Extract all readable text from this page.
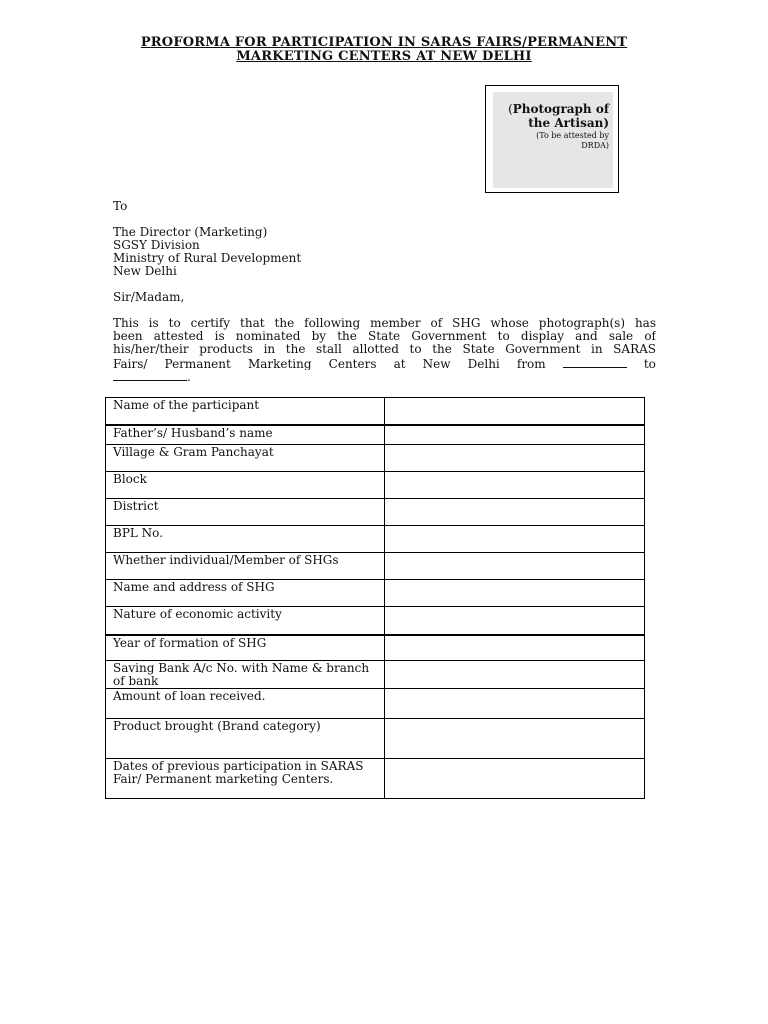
PROFORMA FOR PARTICIPATION IN SARAS FAIRS/PERMANENT
MARKETING CENTERS AT NEW DELHI
(Photograph of
the Artisan)
(To be attested by
DRDA)
To
The Director (Marketing)
SGSY Division
Ministry of Rural Development
New Delhi
Sir/Madam,
This is to certify that the following member of SHG whose photograph(s) has
been attested is nominated by the State Government to display and sale of
his/her/their products in the stall allotted to the State Government in SARAS
Fairs/ Permanent Marketing Centers at New Delhi from	to
.
Name of the participant	
Father’s/ Husband’s name	
Village & Gram Panchayat	
Block	
District	
BPL No.	
Whether individual/Member of SHGs	
Name and address of SHG	
Nature of economic activity	
Year of formation of SHG	
Saving Bank A/c No. with Name & branch of bank	
Amount of loan received.	
Product brought (Brand category)	
Dates of previous participation in SARAS Fair/ Permanent marketing Centers.	
